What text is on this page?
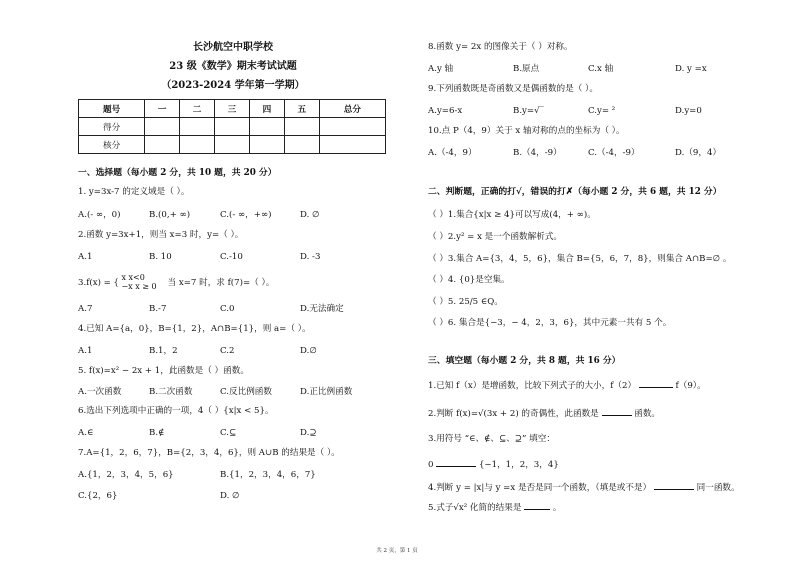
长沙航空中职学校
23 级《数学》期末考试试题
（2023-2024 学年第一学期）
题号	一	二	三	四	五	总分
得分						
核分						
一、选择题（每小题 2 分，共 10 题，共 20 分）
1. y=3x-7 的定义域是（ ）。
A.(- ∞，0)	B.(0,+ ∞)	C.(- ∞，+∞)	D. ∅
2.函数 y=3x+1，则当 x=3 时，y=（ ）。
A.1	B. 10	C.-10	D. -3
3.f(x) = { x x<0
−x x ≥ 0 当 x=7 时，求 f(7)=（ ）。
A.7	B.-7	C.0	D.无法确定
4.已知 A={a，0}，B={1，2}，A∩B={1}，则 a=（ ）。
A.1	B.1，2	C.2	D.∅
5. f(x)=x² − 2x + 1，此函数是（ ）函数。
A.一次函数	B.二次函数	C.反比例函数	D.正比例函数
6.选出下列选项中正确的一项，4（ ）{x|x < 5}。
A.∈	B.∉	C.⊆	D.⊇
7.A={1，2，6，7}，B={2，3，4，6}，则 A∪B 的结果是（ ）。
A.{1，2，3，4，5，6}	B.{1，2，3，4，6，7}
C.{2，6}	D. ∅
8.函数 y= 2x 的图像关于（ ）对称。
A.y 轴	B.原点	C.x 轴	D. y =x
9.下列函数既是奇函数又是偶函数的是（ ）。
A.y=6-x	B.y=√‾	C.y= ²	D.y=0
10.点 P（4，9）关于 x 轴对称的点的坐标为（ ）。
A.（-4，9）	B.（4，-9）	C.（-4，-9）	D.（9，4）
二、判断题，正确的打√，错误的打✗（每小题 2 分，共 6 题，共 12 分）
（ ）1.集合{x|x ≥ 4}可以写成(4，+ ∞)。
（ ）2.y² = x 是一个函数解析式。
（ ）3.集合 A={3，4，5，6}，集合 B={5，6，7，8}，则集合 A∩B=∅ 。
（ ）4. {0}是空集。
（ ）5. 25/5 ∈Q。
（ ）6. 集合是{−3，− 4，2，3，6}，其中元素一共有 5 个。
三、填空题（每小题 2 分，共 8 题，共 16 分）
1.已知 f（x）是增函数，比较下列式子的大小，f（2）	f（9）。
2.判断 f(x)=√(3x + 2) 的奇偶性，此函数是	函数。
3.用符号 “∈、∉、⊆、⊇” 填空：
0	{−1，1，2，3，4}
4.判断 y = |x|与 y =x 是否是同一个函数，（填是或不是）	同一函数。
5.式子√x² 化简的结果是	。
共 2 页，第 1 页
